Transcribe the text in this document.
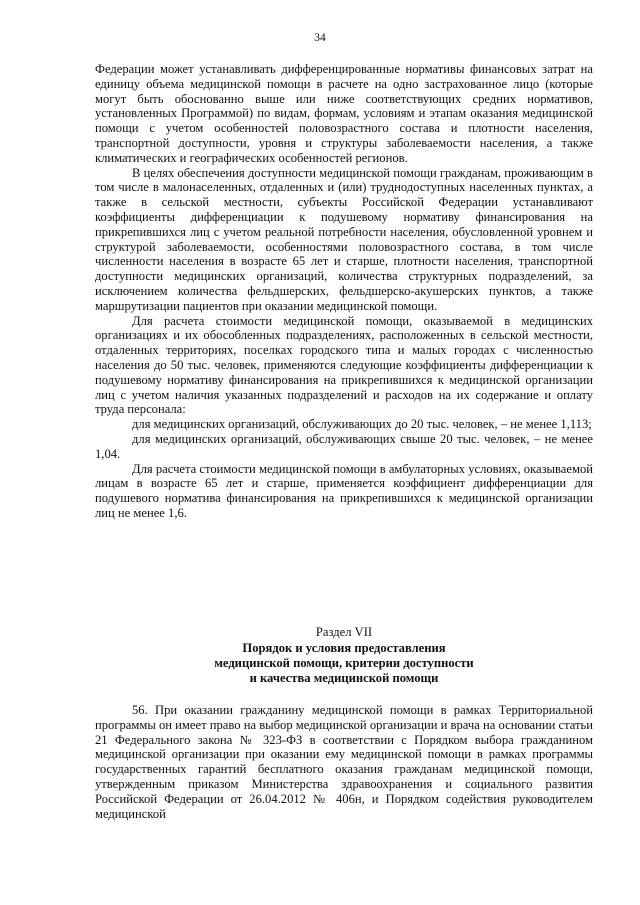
34

Федерации может устанавливать дифференцированные нормативы финансовых затрат на единицу объема медицинской помощи в расчете на одно застрахованное лицо (которые могут быть обоснованно выше или ниже соответствующих средних нормативов, установленных Программой) по видам, формам, условиям и этапам оказания медицинской помощи с учетом особенностей половозрастного состава и плотности населения, транспортной доступности, уровня и структуры заболеваемости населения, а также климатических и географических особенностей регионов.

В целях обеспечения доступности медицинской помощи гражданам, проживающим в том числе в малонаселенных, отдаленных и (или) труднодоступных населенных пунктах, а также в сельской местности, субъекты Российской Федерации устанавливают коэффициенты дифференциации к подушевому нормативу финансирования на прикрепившихся лиц с учетом реальной потребности населения, обусловленной уровнем и структурой заболеваемости, особенностями половозрастного состава, в том числе численности населения в возрасте 65 лет и старше, плотности населения, транспортной доступности медицинских организаций, количества структурных подразделений, за исключением количества фельдшерских, фельдшерско-акушерских пунктов, а также маршрутизации пациентов при оказании медицинской помощи.

Для расчета стоимости медицинской помощи, оказываемой в медицинских организациях и их обособленных подразделениях, расположенных в сельской местности, отдаленных территориях, поселках городского типа и малых городах с численностью населения до 50 тыс. человек, применяются следующие коэффициенты дифференциации к подушевому нормативу финансирования на прикрепившихся к медицинской организации лиц с учетом наличия указанных подразделений и расходов на их содержание и оплату труда персонала:

для медицинских организаций, обслуживающих до 20 тыс. человек, – не менее 1,113;

для медицинских организаций, обслуживающих свыше 20 тыс. человек, – не менее 1,04.

Для расчета стоимости медицинской помощи в амбулаторных условиях, оказываемой лицам в возрасте 65 лет и старше, применяется коэффициент дифференциации для подушевого норматива финансирования на прикрепившихся к медицинской организации лиц не менее 1,6.

Раздел VII

Порядок и условия предоставления

медицинской помощи, критерии доступности

и качества медицинской помощи

56. При оказании гражданину медицинской помощи в рамках Территориальной программы он имеет право на выбор медицинской организации и врача на основании статьи 21 Федерального закона № 323-ФЗ в соответствии с Порядком выбора гражданином медицинской организации при оказании ему медицинской помощи в рамках программы государственных гарантий бесплатного оказания гражданам медицинской помощи, утвержденным приказом Министерства здравоохранения и социального развития Российской Федерации от 26.04.2012 № 406н, и Порядком содействия руководителем медицинской
